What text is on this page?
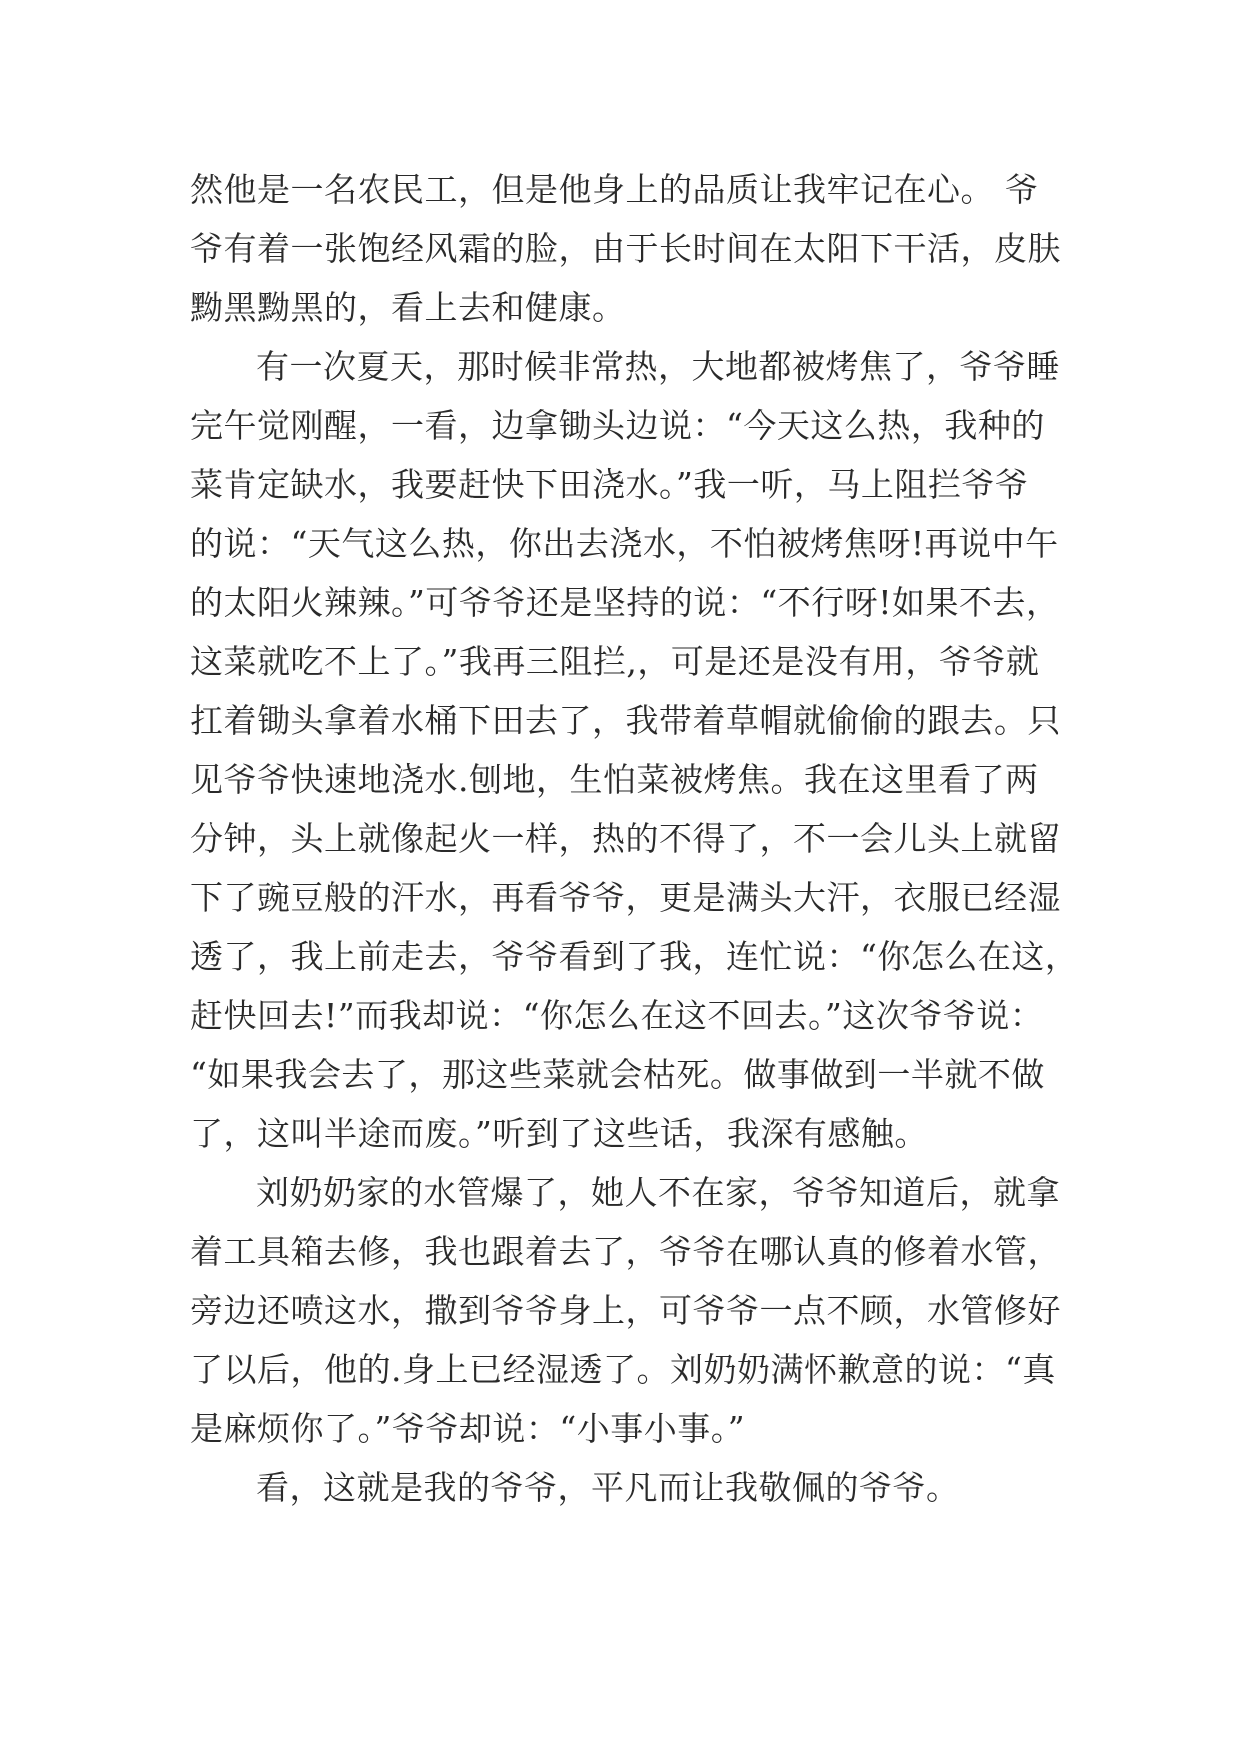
然他是一名农民工，但是他身上的品质让我牢记在心。 爷
爷有着一张饱经风霜的脸，由于长时间在太阳下干活，皮肤
黝黑黝黑的，看上去和健康。
有一次夏天，那时候非常热，大地都被烤焦了，爷爷睡
完午觉刚醒，一看，边拿锄头边说：“今天这么热，我种的
菜肯定缺水，我要赶快下田浇水。”我一听，马上阻拦爷爷
的说：“天气这么热，你出去浇水，不怕被烤焦呀!再说中午
的太阳火辣辣。”可爷爷还是坚持的说：“不行呀!如果不去，
这菜就吃不上了。”我再三阻拦,，可是还是没有用，爷爷就
扛着锄头拿着水桶下田去了，我带着草帽就偷偷的跟去。只
见爷爷快速地浇水.刨地，生怕菜被烤焦。我在这里看了两
分钟，头上就像起火一样，热的不得了，不一会儿头上就留
下了豌豆般的汗水，再看爷爷，更是满头大汗，衣服已经湿
透了，我上前走去，爷爷看到了我，连忙说：“你怎么在这，
赶快回去!”而我却说：“你怎么在这不回去。”这次爷爷说：
“如果我会去了，那这些菜就会枯死。做事做到一半就不做
了，这叫半途而废。”听到了这些话，我深有感触。
刘奶奶家的水管爆了，她人不在家，爷爷知道后，就拿
着工具箱去修，我也跟着去了，爷爷在哪认真的修着水管，
旁边还喷这水，撒到爷爷身上，可爷爷一点不顾，水管修好
了以后，他的.身上已经湿透了。刘奶奶满怀歉意的说：“真
是麻烦你了。”爷爷却说：“小事小事。”
看，这就是我的爷爷，平凡而让我敬佩的爷爷。
